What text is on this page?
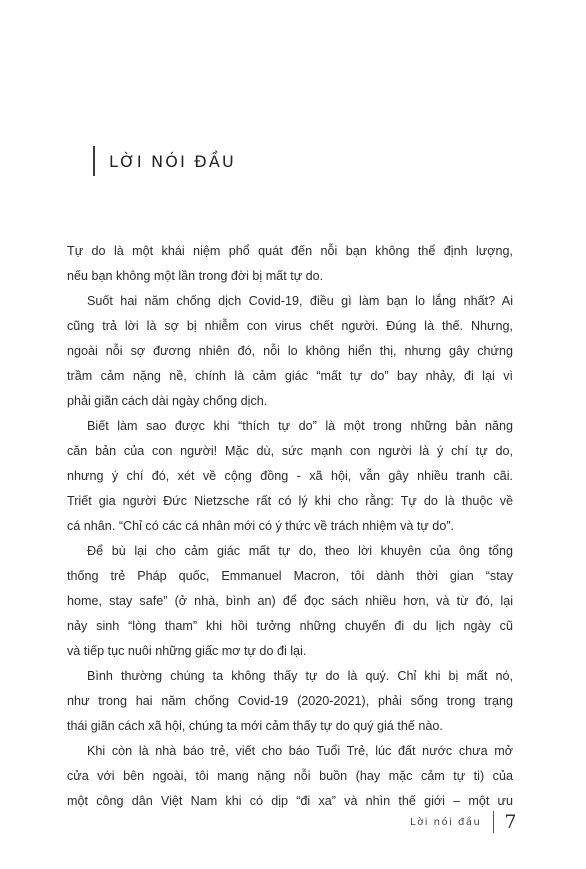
LỜI NÓI ĐẦU

Tự do là một khái niệm phổ quát đến nỗi bạn không thể định lượng,
nếu bạn không một lần trong đời bị mất tự do.

Suốt hai năm chống dịch Covid-19, điều gì làm bạn lo lắng nhất? Ai
cũng trả lời là sợ bị nhiễm con virus chết người. Đúng là thế. Nhưng,
ngoài nỗi sợ đương nhiên đó, nỗi lo không hiển thị, nhưng gây chứng
trầm cảm nặng nề, chính là cảm giác “mất tự do” bay nhảy, đi lại vì
phải giãn cách dài ngày chống dịch.

Biết làm sao được khi “thích tự do” là một trong những bản năng
căn bản của con người! Mặc dù, sức mạnh con người là ý chí tự do,
nhưng ý chí đó, xét về cộng đồng - xã hội, vẫn gây nhiều tranh cãi.
Triết gia người Đức Nietzsche rất có lý khi cho rằng: Tự do là thuộc về
cá nhân. “Chỉ có các cá nhân mới có ý thức về trách nhiệm và tự do”.

Để bù lại cho cảm giác mất tự do, theo lời khuyên của ông tổng
thống trẻ Pháp quốc, Emmanuel Macron, tôi dành thời gian “stay
home, stay safe” (ở nhà, bình an) để đọc sách nhiều hơn, và từ đó, lại
nảy sinh “lòng tham” khi hồi tưởng những chuyến đi du lịch ngày cũ
và tiếp tục nuôi những giấc mơ tự do đi lại.

Bình thường chúng ta không thấy tự do là quý. Chỉ khi bị mất nó,
như trong hai năm chống Covid-19 (2020-2021), phải sống trong trạng
thái giãn cách xã hội, chúng ta mới cảm thấy tự do quý giá thế nào.

Khi còn là nhà báo trẻ, viết cho báo Tuổi Trẻ, lúc đất nước chưa mở
cửa với bên ngoài, tôi mang nặng nỗi buồn (hay mặc cảm tự ti) của
một công dân Việt Nam khi có dịp “đi xa” và nhìn thế giới – một ưu

Lời nói đầu 7
